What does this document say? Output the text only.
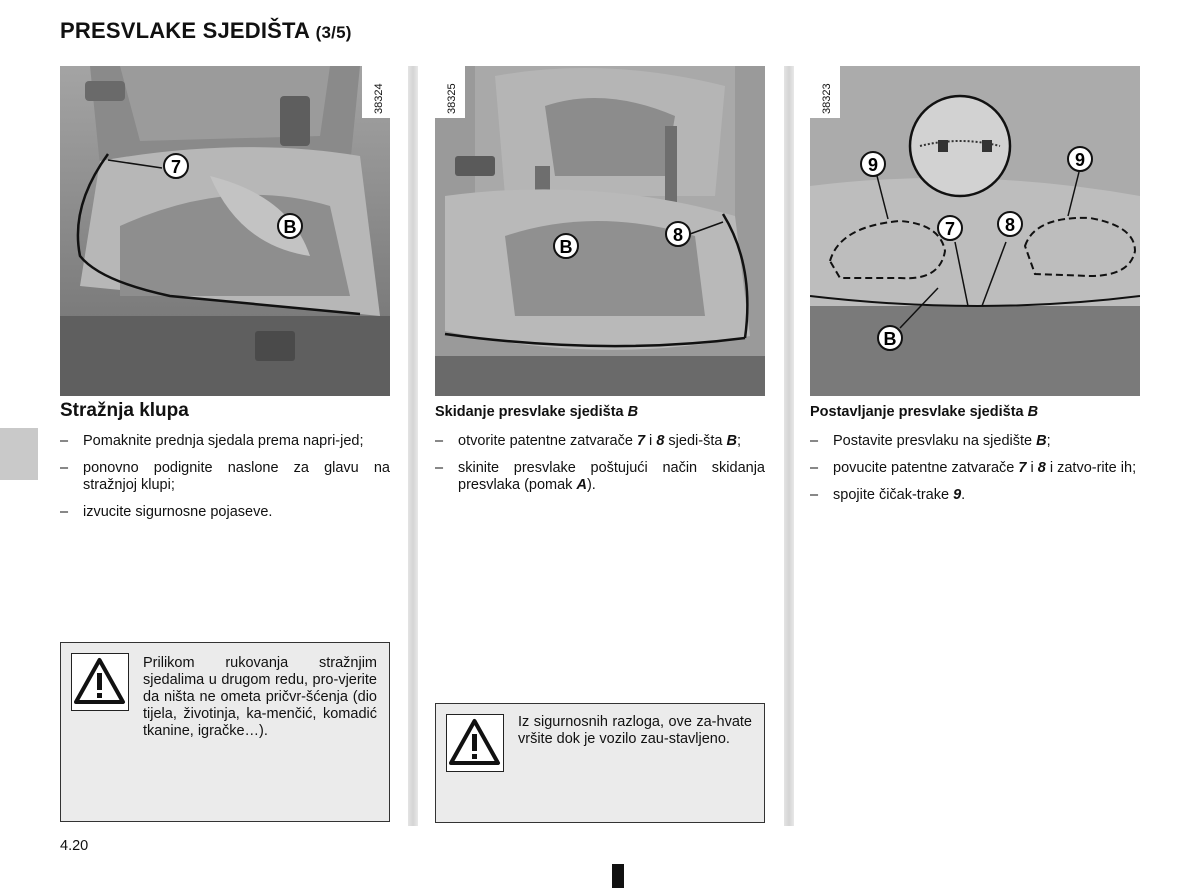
PRESVLAKE SJEDIŠTA (3/5)
38324
7
B
38325
B
8
38323
9	9
7	8
B
Stražnja klupa
– Pomaknite prednja sjedala prema napri-jed;
– ponovno podignite naslone za glavu na stražnjoj klupi;
– izvucite sigurnosne pojaseve.
Skidanje presvlake sjedišta B
– otvorite patentne zatvarače 7 i 8 sjedi-šta B;
– skinite presvlake poštujući način skidanja presvlaka (pomak A).
Postavljanje presvlake sjedišta B
– Postavite presvlaku na sjedište B;
– povucite patentne zatvarače 7 i 8 i zatvo-rite ih;
– spojite čičak-trake 9.
Prilikom rukovanja stražnjim sjedalima u drugom redu, pro-vjerite da ništa ne ometa pričvr-šćenja (dio tijela, životinja, ka-menčić, komadić tkanine, igračke…).
Iz sigurnosnih razloga, ove za-hvate vršite dok je vozilo zau-stavljeno.
4.20
